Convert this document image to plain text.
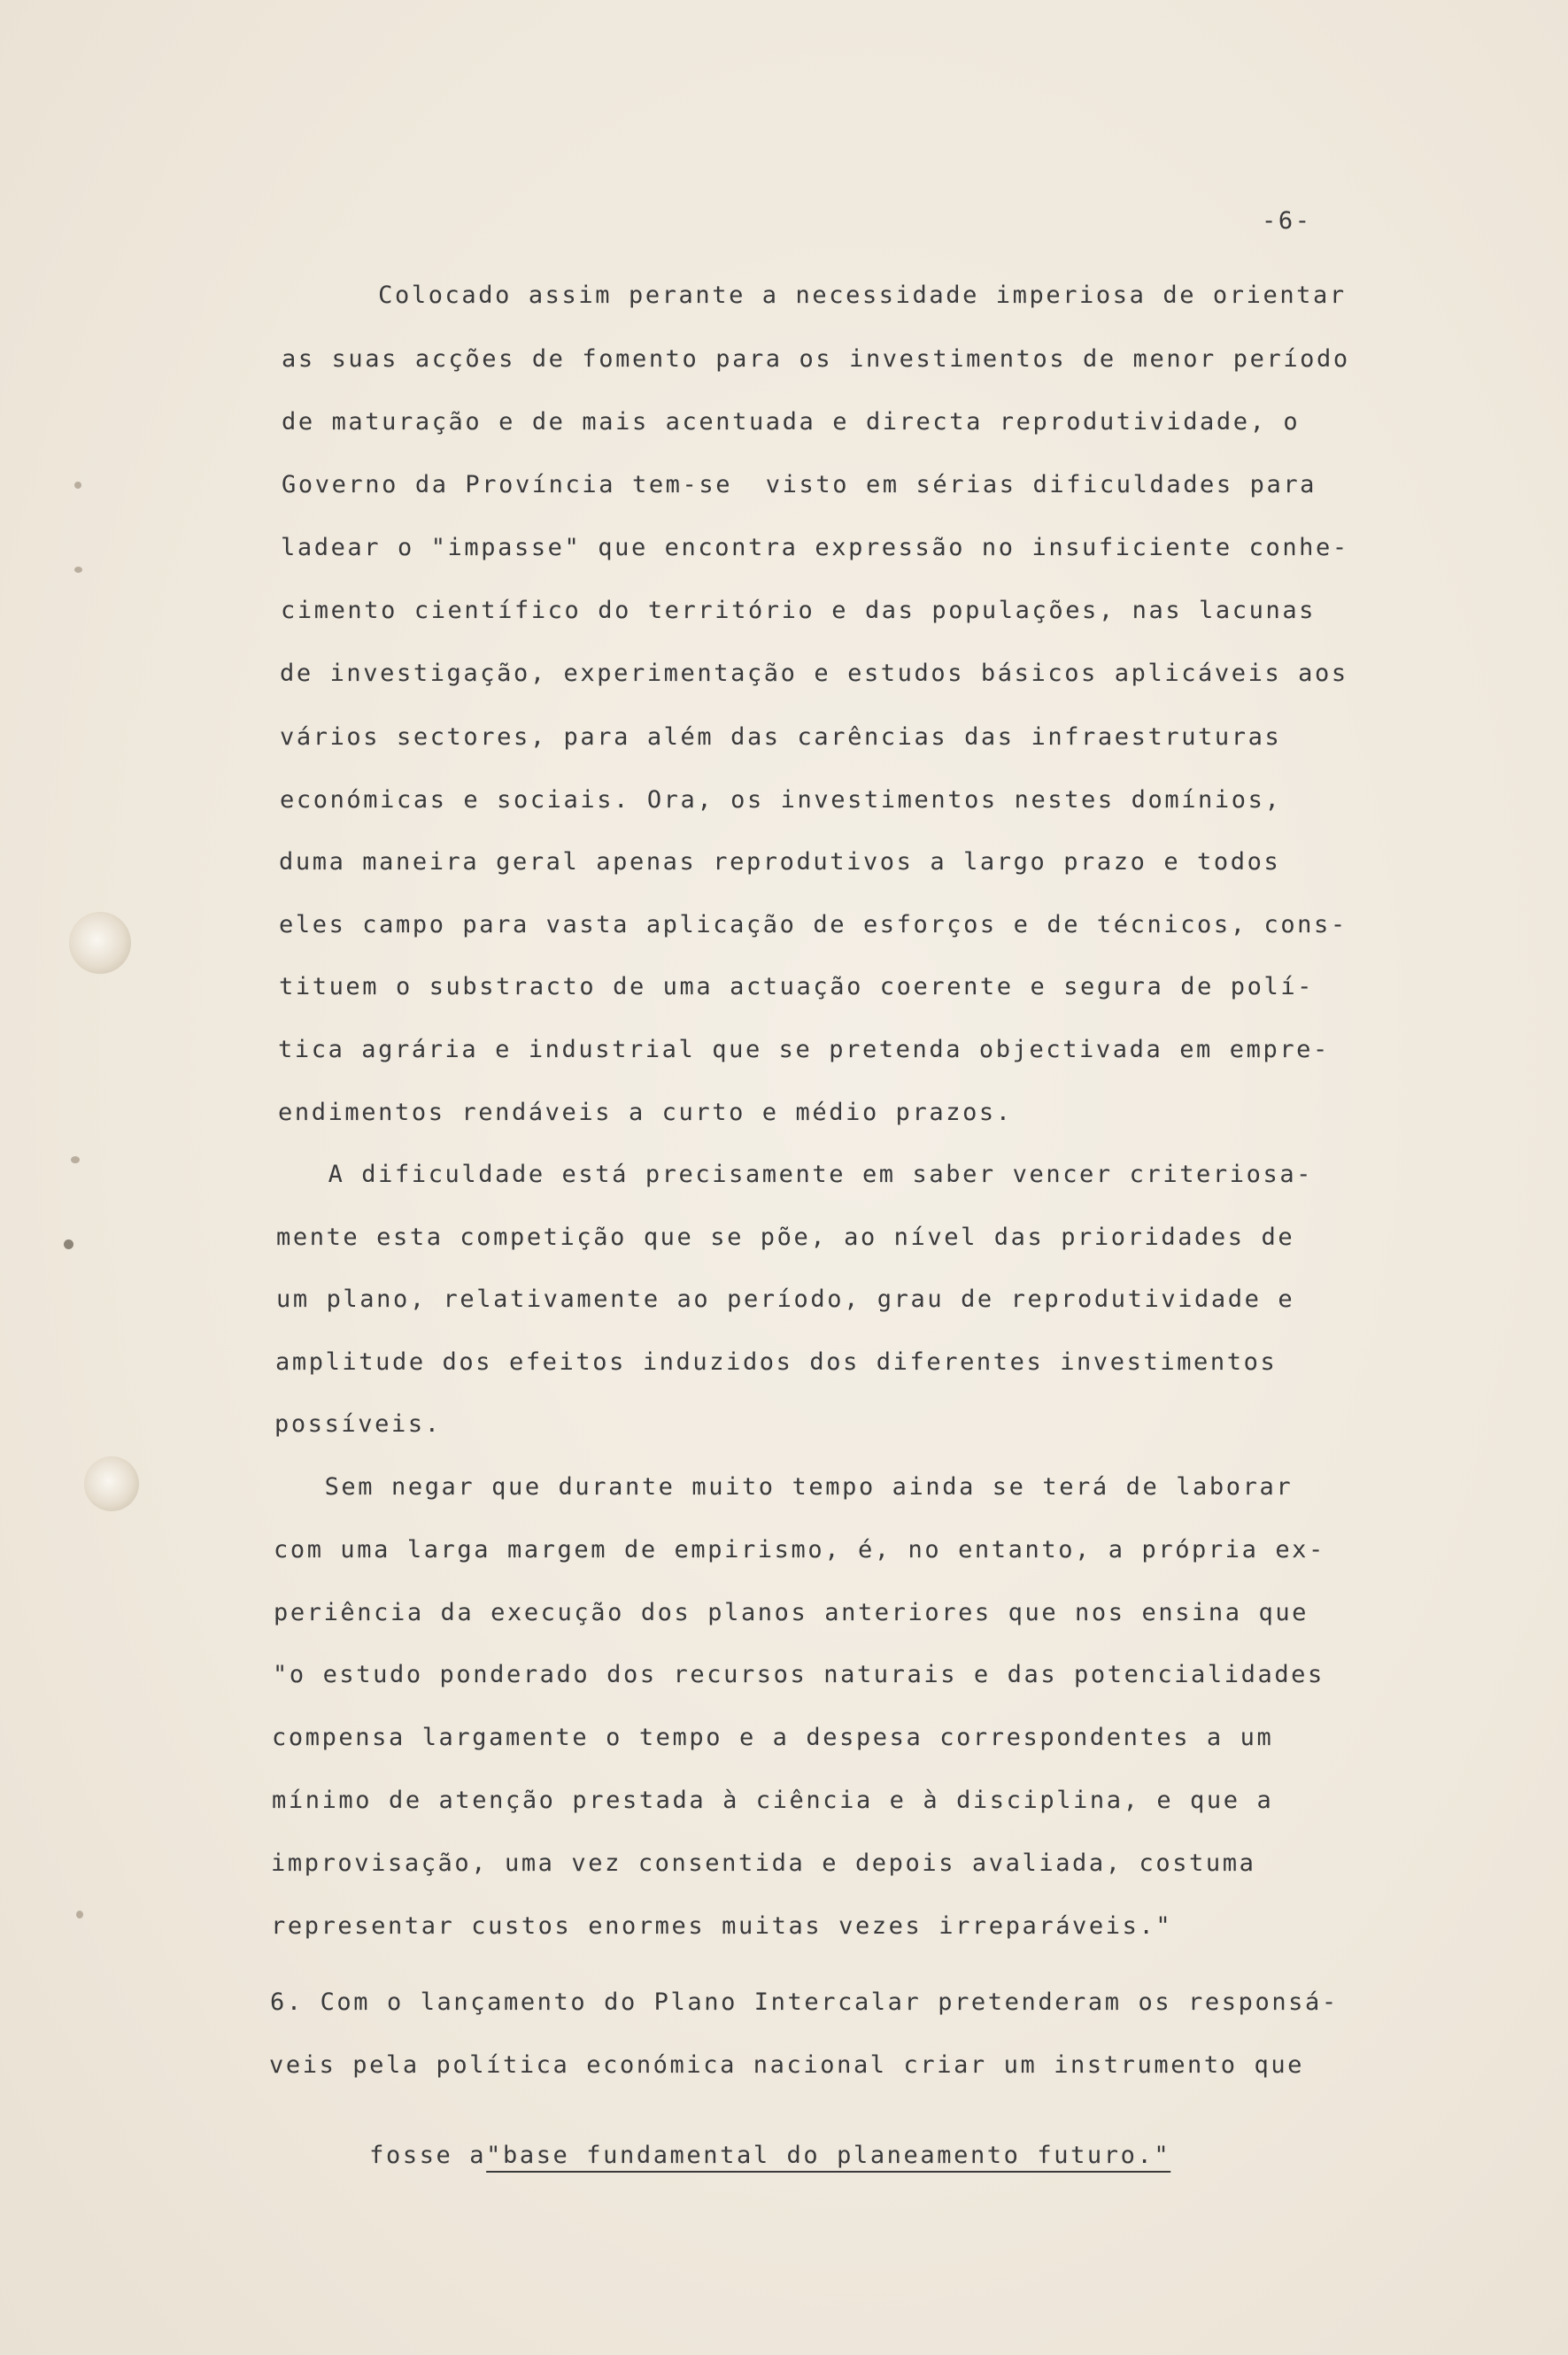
-6-
Colocado assim perante a necessidade imperiosa de orientar
as suas acções de fomento para os investimentos de menor período
de maturação e de mais acentuada e directa reprodutividade, o
Governo da Província tem-se  visto em sérias dificuldades para
ladear o "impasse" que encontra expressão no insuficiente conhe-
cimento científico do território e das populações, nas lacunas
de investigação, experimentação e estudos básicos aplicáveis aos
vários sectores, para além das carências das infraestruturas
económicas e sociais. Ora, os investimentos nestes domínios,
duma maneira geral apenas reprodutivos a largo prazo e todos
eles campo para vasta aplicação de esforços e de técnicos, cons-
tituem o substracto de uma actuação coerente e segura de polí-
tica agrária e industrial que se pretenda objectivada em empre-
endimentos rendáveis a curto e médio prazos.
A dificuldade está precisamente em saber vencer criteriosa-
mente esta competição que se põe, ao nível das prioridades de
um plano, relativamente ao período, grau de reprodutividade e
amplitude dos efeitos induzidos dos diferentes investimentos
possíveis.
Sem negar que durante muito tempo ainda se terá de laborar
com uma larga margem de empirismo, é, no entanto, a própria ex-
periência da execução dos planos anteriores que nos ensina que
"o estudo ponderado dos recursos naturais e das potencialidades
compensa largamente o tempo e a despesa correspondentes a um
mínimo de atenção prestada à ciência e à disciplina, e que a
improvisação, uma vez consentida e depois avaliada, costuma
representar custos enormes muitas vezes irreparáveis."
6. Com o lançamento do Plano Intercalar pretenderam os responsá-
veis pela política económica nacional criar um instrumento que

fosse a"base fundamental do planeamento futuro."
